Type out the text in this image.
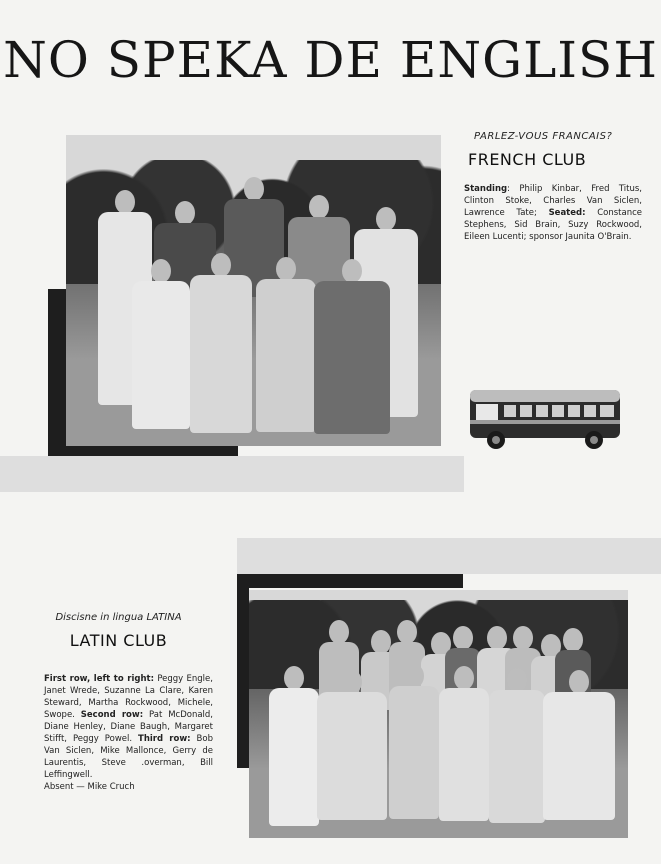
NO SPEKA DE ENGLISH
PARLEZ-VOUS FRANCAIS?
FRENCH CLUB
Standing: Philip Kinbar, Fred Titus, Clinton Stoke, Charles Van Siclen, Lawrence Tate; Seated: Constance Stephens, Sid Brain, Suzy Rockwood, Eileen Lucenti; sponsor Jaunita O'Brain.
Discisne in lingua LATINA
LATIN CLUB
First row, left to right: Peggy Engle, Janet Wrede, Suzanne La Clare, Karen Steward, Martha Rockwood, Michele, Swope. Second row: Pat McDonald, Diane Henley, Diane Baugh, Margaret Stifft, Peggy Powel. Third row: Bob Van Siclen, Mike Mallonce, Gerry de Laurentis, Steve .overman, Bill Leffingwell.
Absent — Mike Cruch
